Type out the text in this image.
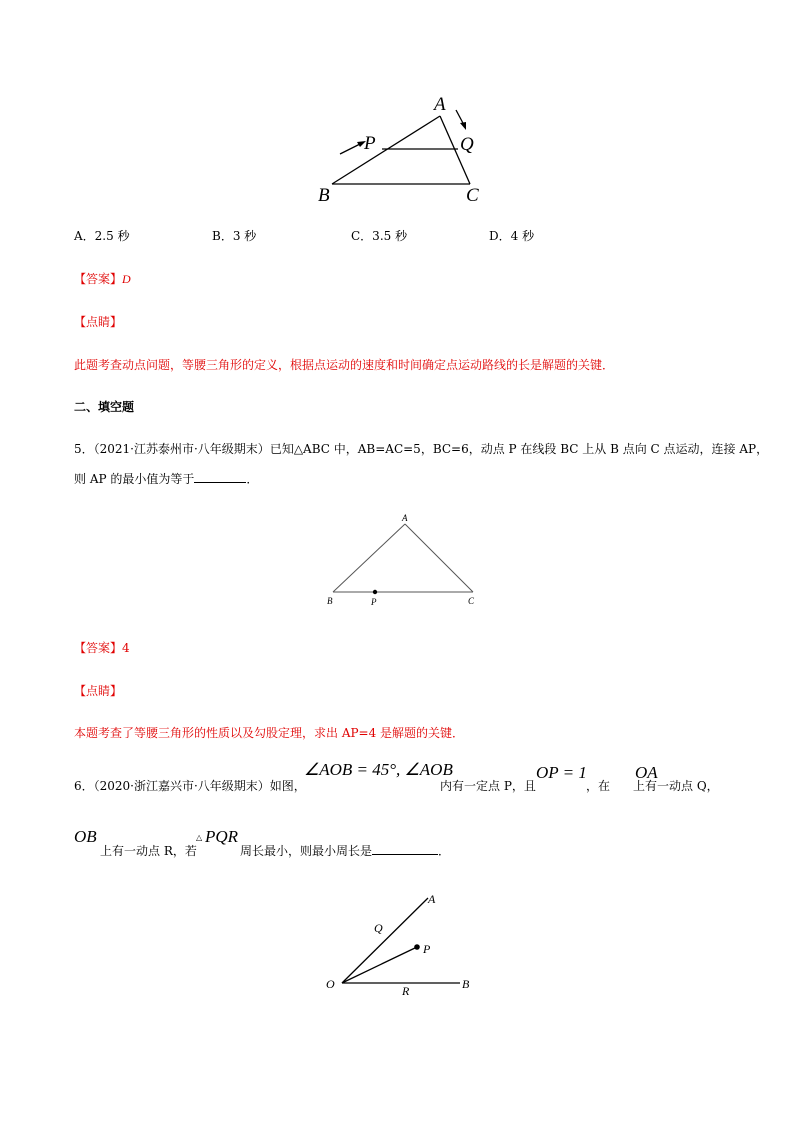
A
P	Q
B	C
A．2.5 秒	B．3 秒	C．3.5 秒	D．4 秒
【答案】D
【点睛】
此题考查动点问题，等腰三角形的定义，根据点运动的速度和时间确定点运动路线的长是解题的关键．
二、填空题
5．（2021·江苏泰州市·八年级期末）已知△ABC 中，AB=AC=5，BC=6，动点 P 在线段 BC 上从 B 点向 C 点运动，连接 AP，
则 AP 的最小值为等于	．
A
B	C
P
【答案】4
【点睛】
本题考查了等腰三角形的性质以及勾股定理，求出 AP=4 是解题的关键．
6．（2020·浙江嘉兴市·八年级期末）如图，
∠AOB = 45°, ∠AOB
内有一定点 P，且
OP = 1
，在
OA
上有一动点 Q，
OB
上有一动点 R，若
△ PQR
周长最小，则最小周长是	．
A
Q
P
O	R	B
